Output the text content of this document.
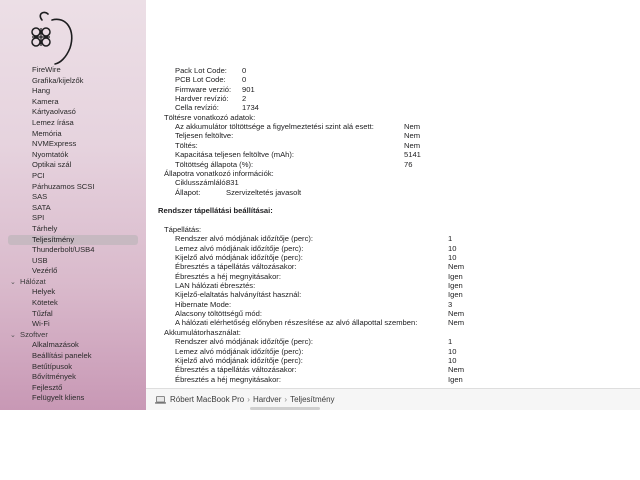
FireWire
Grafika/kijelzők
Hang
Kamera
Kártyaolvasó
Lemez írása
Memória
NVMExpress
Nyomtatók
Optikai szál
PCI
Párhuzamos SCSI
SAS
SATA
SPI
Tárhely
Teljesítmény
Thunderbolt/USB4
USB
Vezérlő
⌄ Hálózat
Helyek
Kötetek
Tűzfal
Wi-Fi
⌄ Szoftver
Alkalmazások
Beállítási panelek
Betűtípusok
Bővítmények
Fejlesztő
Felügyelt kliens
Pack Lot Code: 0
PCB Lot Code: 0
Firmware verzió: 901
Hardver revízió: 2
Cella revízió:	1734
Töltésre vonatkozó adatok:
Az akkumulátor töltöttsége a figyelmeztetési szint alá esett:	Nem
Teljesen feltöltve:	Nem
Töltés:	Nem
Kapacitása teljesen feltöltve (mAh):	5141
Töltöttség állapota (%):	76
Állapotra vonatkozó információk:
Ciklusszámláló:
831
Állapot:	Szervizeltetés javasolt
Rendszer tápellátási beállításai:
Tápellátás:
Rendszer alvó módjának időzítője (perc):	1
Lemez alvó módjának időzítője (perc):	10
Kijelző alvó módjának időzítője (perc):	10
Ébresztés a tápellátás változásakor:	Nem
Ébresztés a héj megnyitásakor:	Igen
LAN hálózati ébresztés:	Igen
Kijelző-elaltatás halványítást használ:	Igen
Hibernate Mode:	3
Alacsony töltöttségű mód:	Nem
A hálózati elérhetőség előnyben részesítése az alvó állapottal szemben:	Nem
Akkumulátorhasználat:
Rendszer alvó módjának időzítője (perc):	1
Lemez alvó módjának időzítője (perc):	10
Kijelző alvó módjának időzítője (perc):	10
Ébresztés a tápellátás változásakor:	Nem
Ébresztés a héj megnyitásakor:	Igen
Róbert MacBook Pro › Hardver › Teljesítmény
